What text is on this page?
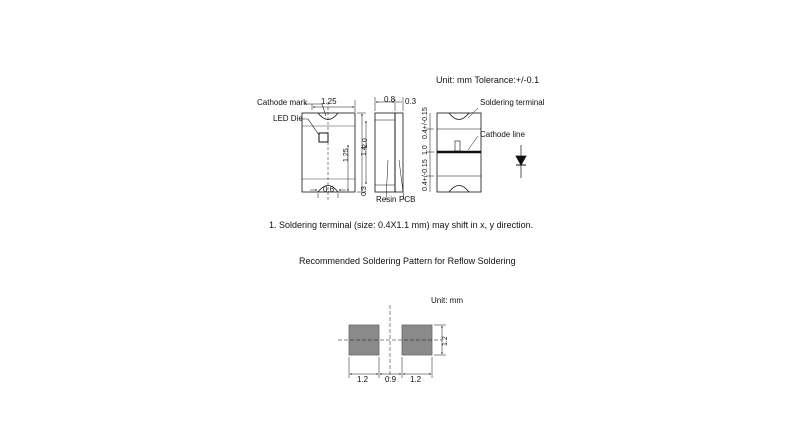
Unit: mm Tolerance:+/-0.1
Cathode mark
LED Die
1.25
0.6
2.0
1.25
0.8 0.3
1.4
0.3
Resin PCB
Soldering terminal
Cathode line
0.4+/-0.15
1.0
0.4+/-0.15
1. Soldering terminal (size: 0.4X1.1 mm) may shift in x, y direction.
Recommended Soldering Pattern for Reflow Soldering
Unit: mm
1.2 0.9 1.2
1.2
